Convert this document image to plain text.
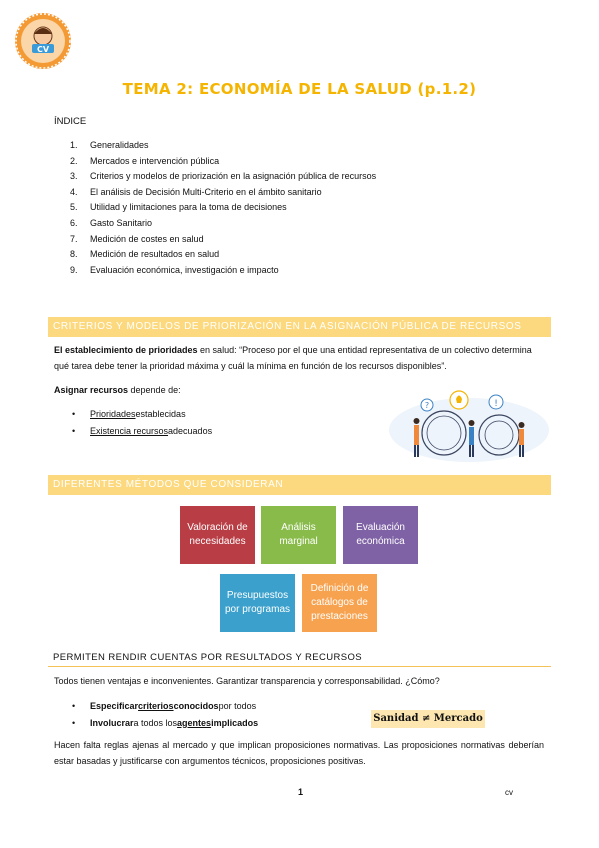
CV
TEMA 2: ECONOMÍA DE LA SALUD (p.1.2)
ÍNDICE
1.	Generalidades
2.	Mercados e intervención pública
3.	Criterios y modelos de priorización en la asignación pública de recursos
4.	El análisis de Decisión Multi-Criterio en el ámbito sanitario
5.	Utilidad y limitaciones para la toma de decisiones
6.	Gasto Sanitario
7.	Medición de costes en salud
8.	Medición de resultados en salud
9.	Evaluación económica, investigación e impacto
CRITERIOS Y MODELOS DE PRIORIZACIÓN EN LA ASIGNACIÓN PÚBLICA DE RECURSOS

El establecimiento de prioridades en salud: “Proceso por el que una entidad representativa de un colectivo determina qué tarea debe tener la prioridad máxima y cuál la mínima en función de los recursos disponibles”.

Asignar recursos depende de:

•	Prioridades establecidas
•	Existencia recursos adecuados
?	!
DIFERENTES MÉTODOS QUE CONSIDERAN
Valoración de necesidades
Análisis marginal
Evaluación económica
Presupuestos por programas
Definición de catálogos de prestaciones
PERMITEN RENDIR CUENTAS POR RESULTADOS Y RECURSOS

Todos tienen ventajas e inconvenientes. Garantizar transparencia y corresponsabilidad. ¿Cómo?

•	Especificar criterios conocidos por todos
•	Involucrar a todos los agentes implicados	Sanidad ≠ Mercado

Hacen falta reglas ajenas al mercado y que implican proposiciones normativas. Las proposiciones normativas deberían estar basadas y justificarse con argumentos técnicos, proposiciones positivas.

1	cv
